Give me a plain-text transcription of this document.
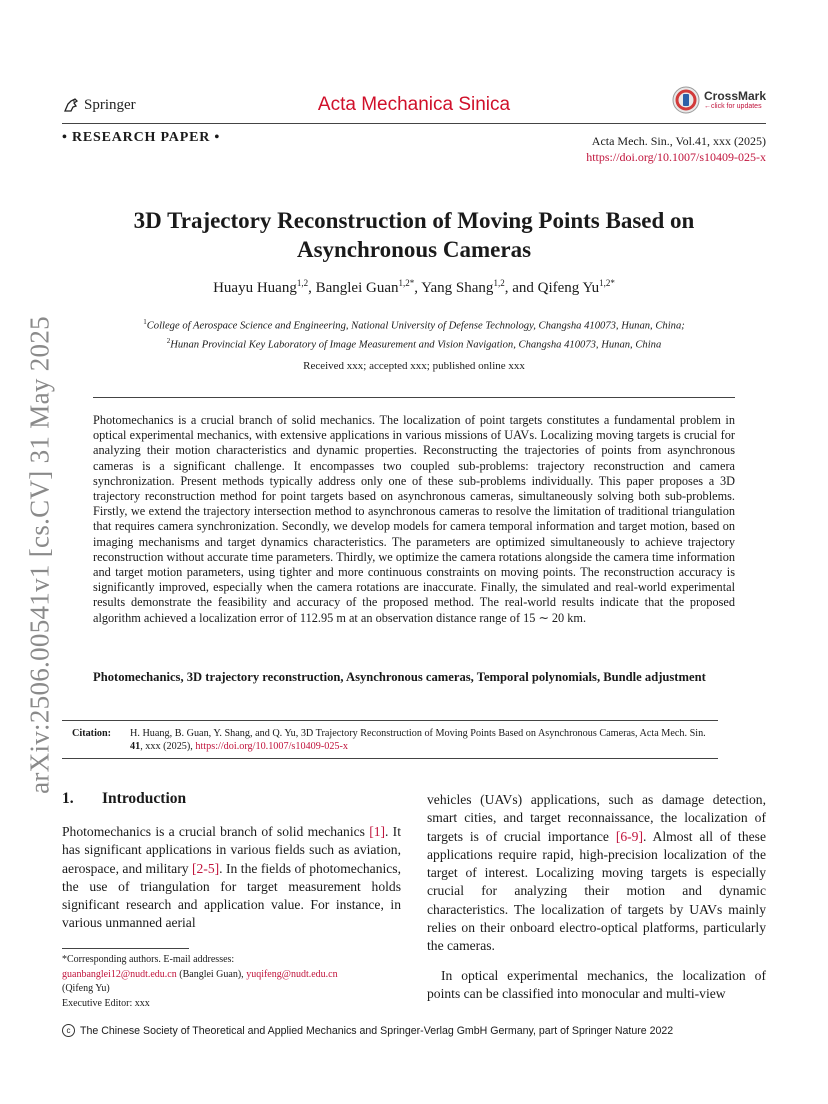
Springer	Acta Mechanica Sinica	CrossMark
←click for updates
• RESEARCH PAPER •	Acta Mech. Sin., Vol.41, xxx (2025)
https://doi.org/10.1007/s10409-025-x
arXiv:2506.00541v1 [cs.CV] 31 May 2025
3D Trajectory Reconstruction of Moving Points Based on
Asynchronous Cameras
Huayu Huang$^{1,2}$, Banglei Guan$^{1,2*}$, Yang Shang$^{1,2}$, and Qifeng $Yu^{1,2*}$
$^1$College of Aerospace Science and Engineering, National University of Defense Technology, Changsha 410073, Hunan, China;
$^2$Hunan Provincial Key Laboratory of Image Measurement and Vision Navigation, Changsha 410073, Hunan, China
Received xxx; accepted xxx; published online xxx
Photomechanics is a crucial branch of solid mechanics. The localization of point targets constitutes a fundamental problem in optical experimental mechanics, with extensive applications in various missions of UAVs. Localizing moving targets is crucial for analyzing their motion characteristics and dynamic properties. Reconstructing the trajectories of points from asynchronous cameras is a significant challenge. It encompasses two coupled sub-problems: trajectory reconstruction and camera synchronization. Present methods typically address only one of these sub-problems individually. This paper proposes a 3D trajectory reconstruction method for point targets based on asynchronous cameras, simultaneously solving both sub-problems. Firstly, we extend the trajectory intersection method to asynchronous cameras to resolve the limitation of traditional triangulation that requires camera synchronization. Secondly, we develop models for camera temporal information and target motion, based on imaging mechanisms and target dynamics characteristics. The parameters are optimized simultaneously to achieve trajectory reconstruction without accurate time parameters. Thirdly, we optimize the camera rotations alongside the camera time information and target motion parameters, using tighter and more continuous constraints on moving points. The reconstruction accuracy is significantly improved, especially when the camera rotations are inaccurate. Finally, the simulated and real-world experimental results demonstrate the feasibility and accuracy of the proposed method. The real-world results indicate that the proposed algorithm achieved a localization error of 112.95 m at an observation distance range of 15 ∼ 20 km.
Photomechanics, 3D trajectory reconstruction, Asynchronous cameras, Temporal polynomials, Bundle adjustment
Citation:	H. Huang, B. Guan, Y. Shang, and Q. Yu, 3D Trajectory Reconstruction of Moving Points Based on Asynchronous Cameras, Acta Mech. Sin. 41, xxx (2025), https://doi.org/10.1007/s10409-025-x
1. Introduction
Photomechanics is a crucial branch of solid mechanics [1]. It has significant applications in various fields such as aviation, aerospace, and military [2-5]. In the fields of photomechanics, the use of triangulation for target measurement holds significant research and application value. For instance, in various unmanned aerial

vehicles (UAVs) applications, such as damage detection, smart cities, and target reconnaissance, the localization of targets is of crucial importance [6-9]. Almost all of these applications require rapid, high-precision localization of the target of interest. Localizing moving targets is especially crucial for analyzing their motion and dynamic characteristics. The localization of targets by UAVs mainly relies on their onboard electro-optical platforms, particularly the cameras.

In optical experimental mechanics, the localization of points can be classified into monocular and multi-view

*Corresponding authors. E-mail addresses:
guanbanglei12@nudt.edu.cn (Banglei Guan), yuqifeng@nudt.edu.cn
(Qifeng Yu)
Executive Editor: xxx
c The Chinese Society of Theoretical and Applied Mechanics and Springer-Verlag GmbH Germany, part of Springer Nature 2022
